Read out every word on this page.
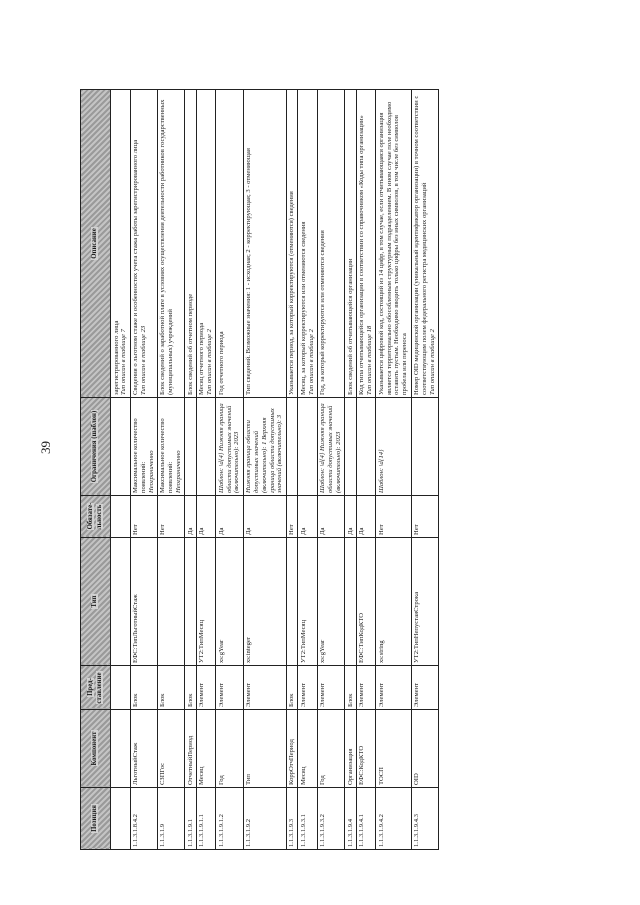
39
Позиция	Компонент	Пред-ставление	Тип	Обязате-льность	Ограничения (шаблон)	Описание

						зарегистрированного лица Тип описан в таблице 7

1.1.3.1.8.4.2	ЛьготныйСтаж	Блок	ЕФС:ТипЛьготныйСтаж	Нет	Максимальное количество появлений: Неограниченно	Сведения о льготном стаже и особенностях учета стажа работы зарегистрированного лица Тип описан в таблице 23

1.1.3.1.9	СЗПГос	Блок		Нет	Максимальное количество появлений: Неограниченно	Блок сведений о заработной плате в условиях осуществления деятельности работников государственных (муниципальных) учреждений

1.1.3.1.9.1	ОтчетныйПериод	Блок		Да		Блок сведений об отчетном периоде

1.1.3.1.9.1.1	Месяц	Элемент	УТ2:ТипМесяц	Да		Месяц отчетного периода Тип описан в таблице 2

1.1.3.1.9.1.2	Год	Элемент	xs:gYear	Да	Шаблон: \d{4} Нижняя граница области допустимых значений (включительно): 2023	Год отчетного периода

1.1.3.1.9.2	Тип	Элемент	xs:integer	Да	Нижняя граница области допустимых значений (включительно): 1 Верхняя граница области допустимых значений (включительно): 3	Тип сведений. Возможные значения: 1 - исходная; 2 - корректирующая; 3 - отменяющая

1.1.3.1.9.3	КоррОтчПериод	Блок		Нет		Указывается период, за который корректируются (отменяются) сведения

1.1.3.1.9.3.1	Месяц	Элемент	УТ2:ТипМесяц	Да		Месяц, за который корректируются или отменяются сведения Тип описан в таблице 2

1.1.3.1.9.3.2	Год	Элемент	xs:gYear	Да	Шаблон: \d{4} Нижняя граница области допустимых значений (включительно): 2023	Год, за который корректируются или отменяются сведения

1.1.3.1.9.4	Организация	Блок		Да		Блок сведений об отчитывающейся организации

1.1.3.1.9.4.1	ЕФС:КодКТО	Элемент	ЕФС:ТипКодКТО	Да		Код типа отчитывающейся организации в соответствии со справочником «Коды типа организации» Тип описан в таблице 18

1.1.3.1.9.4.2	ТОСП	Элемент	xs:string	Нет	Шаблон: \d{14}	Указывается цифровой код, состоящий из 14 цифр, в том случае, если отчитывающаяся организация является территориально обособленным структурным подразделением. В ином случае поле необходимо оставить пустым. Необходимо вводить только цифры без иных символов, в том числе без символов пробела или переноса

1.1.3.1.9.4.3	OID	Элемент	УТ2:ТипНепустаяСтрока	Нет		Номер OID медицинской организации (уникальный идентификатор организации) в точном соответствии с соответствующим полем федерального регистра медицинских организаций Тип описан в таблице 2
